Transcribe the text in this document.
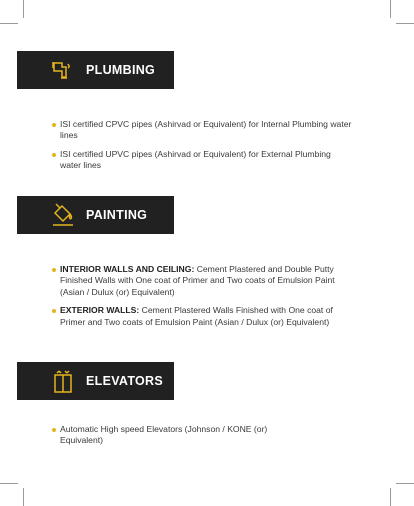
PLUMBING
ISI certified CPVC pipes (Ashirvad or Equivalent) for Internal Plumbing water lines
ISI certified UPVC pipes (Ashirvad or Equivalent) for External Plumbing water lines
PAINTING
INTERIOR WALLS AND CEILING: Cement Plastered and Double Putty Finished Walls with One coat of Primer and Two coats of Emulsion Paint (Asian / Dulux (or) Equivalent)
EXTERIOR WALLS: Cement Plastered Walls Finished with One coat of Primer and Two coats of Emulsion Paint (Asian / Dulux (or) Equivalent)
ELEVATORS
Automatic High speed Elevators (Johnson / KONE (or) Equivalent)
